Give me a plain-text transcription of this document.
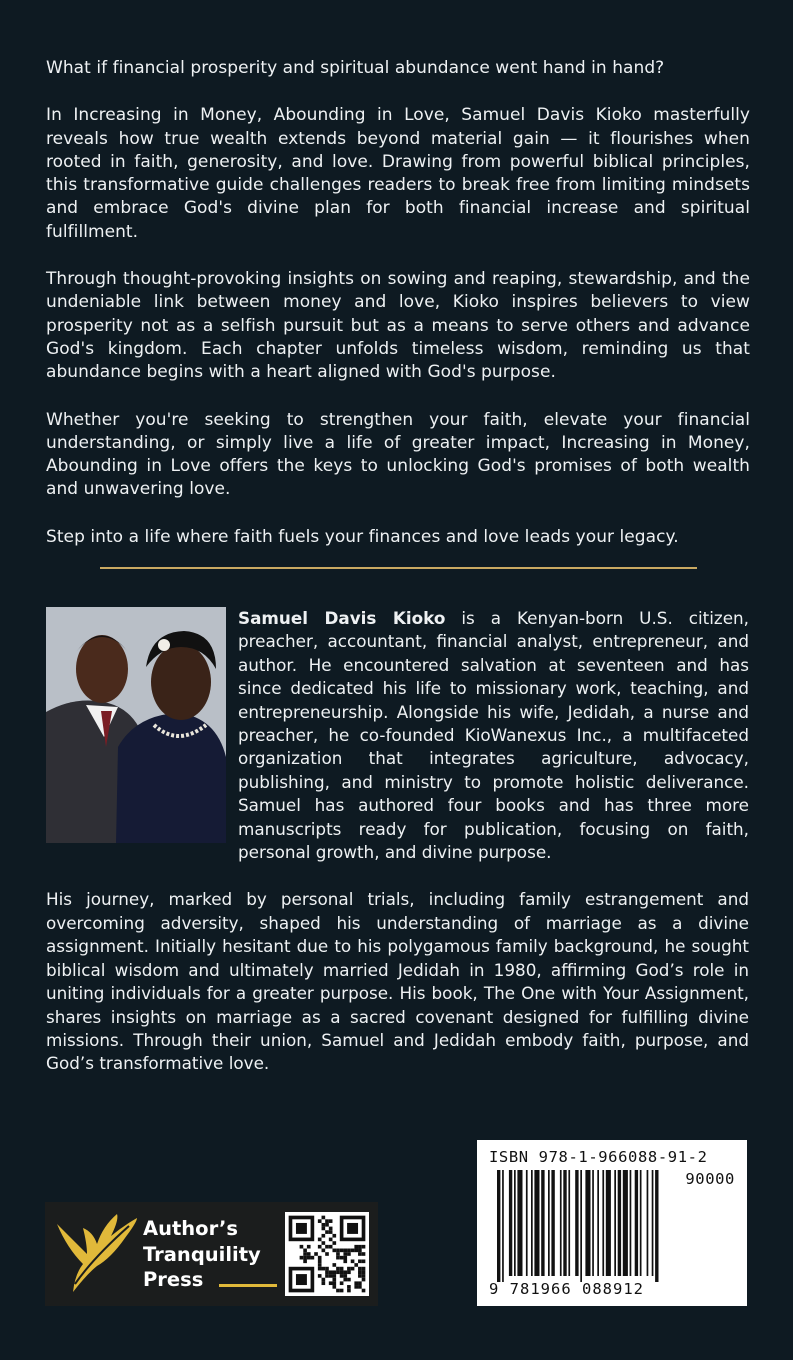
What if financial prosperity and spiritual abundance went hand in hand?

In Increasing in Money, Abounding in Love, Samuel Davis Kioko masterfully reveals how true wealth extends beyond material gain — it flourishes when rooted in faith, generosity, and love. Drawing from powerful biblical principles, this transformative guide challenges readers to break free from limiting mindsets and embrace God's divine plan for both financial increase and spiritual fulfillment.

Through thought-provoking insights on sowing and reaping, stewardship, and the undeniable link between money and love, Kioko inspires believers to view prosperity not as a selfish pursuit but as a means to serve others and advance God's kingdom. Each chapter unfolds timeless wisdom, reminding us that abundance begins with a heart aligned with God's purpose.

Whether you're seeking to strengthen your faith, elevate your financial understanding, or simply live a life of greater impact, Increasing in Money, Abounding in Love offers the keys to unlocking God's promises of both wealth and unwavering love.

Step into a life where faith fuels your finances and love leads your legacy.

Samuel Davis Kioko is a Kenyan-born U.S. citizen, preacher, accountant, financial analyst, entrepreneur, and author. He encountered salvation at seventeen and has since dedicated his life to missionary work, teaching, and entrepreneurship. Alongside his wife, Jedidah, a nurse and preacher, he co-founded KioWanexus Inc., a multifaceted organization that integrates agriculture, advocacy, publishing, and ministry to promote holistic deliverance. Samuel has authored four books and has three more manuscripts ready for publication, focusing on faith, personal growth, and divine purpose.

His journey, marked by personal trials, including family estrangement and overcoming adversity, shaped his understanding of marriage as a divine assignment. Initially hesitant due to his polygamous family background, he sought biblical wisdom and ultimately married Jedidah in 1980, affirming God’s role in uniting individuals for a greater purpose. His book, The One with Your Assignment, shares insights on marriage as a sacred covenant designed for fulfilling divine missions. Through their union, Samuel and Jedidah embody faith, purpose, and God’s transformative love.

Author’s
Tranquility
Press
ISBN 978-1-966088-91-2
90000
9 781966 088912
